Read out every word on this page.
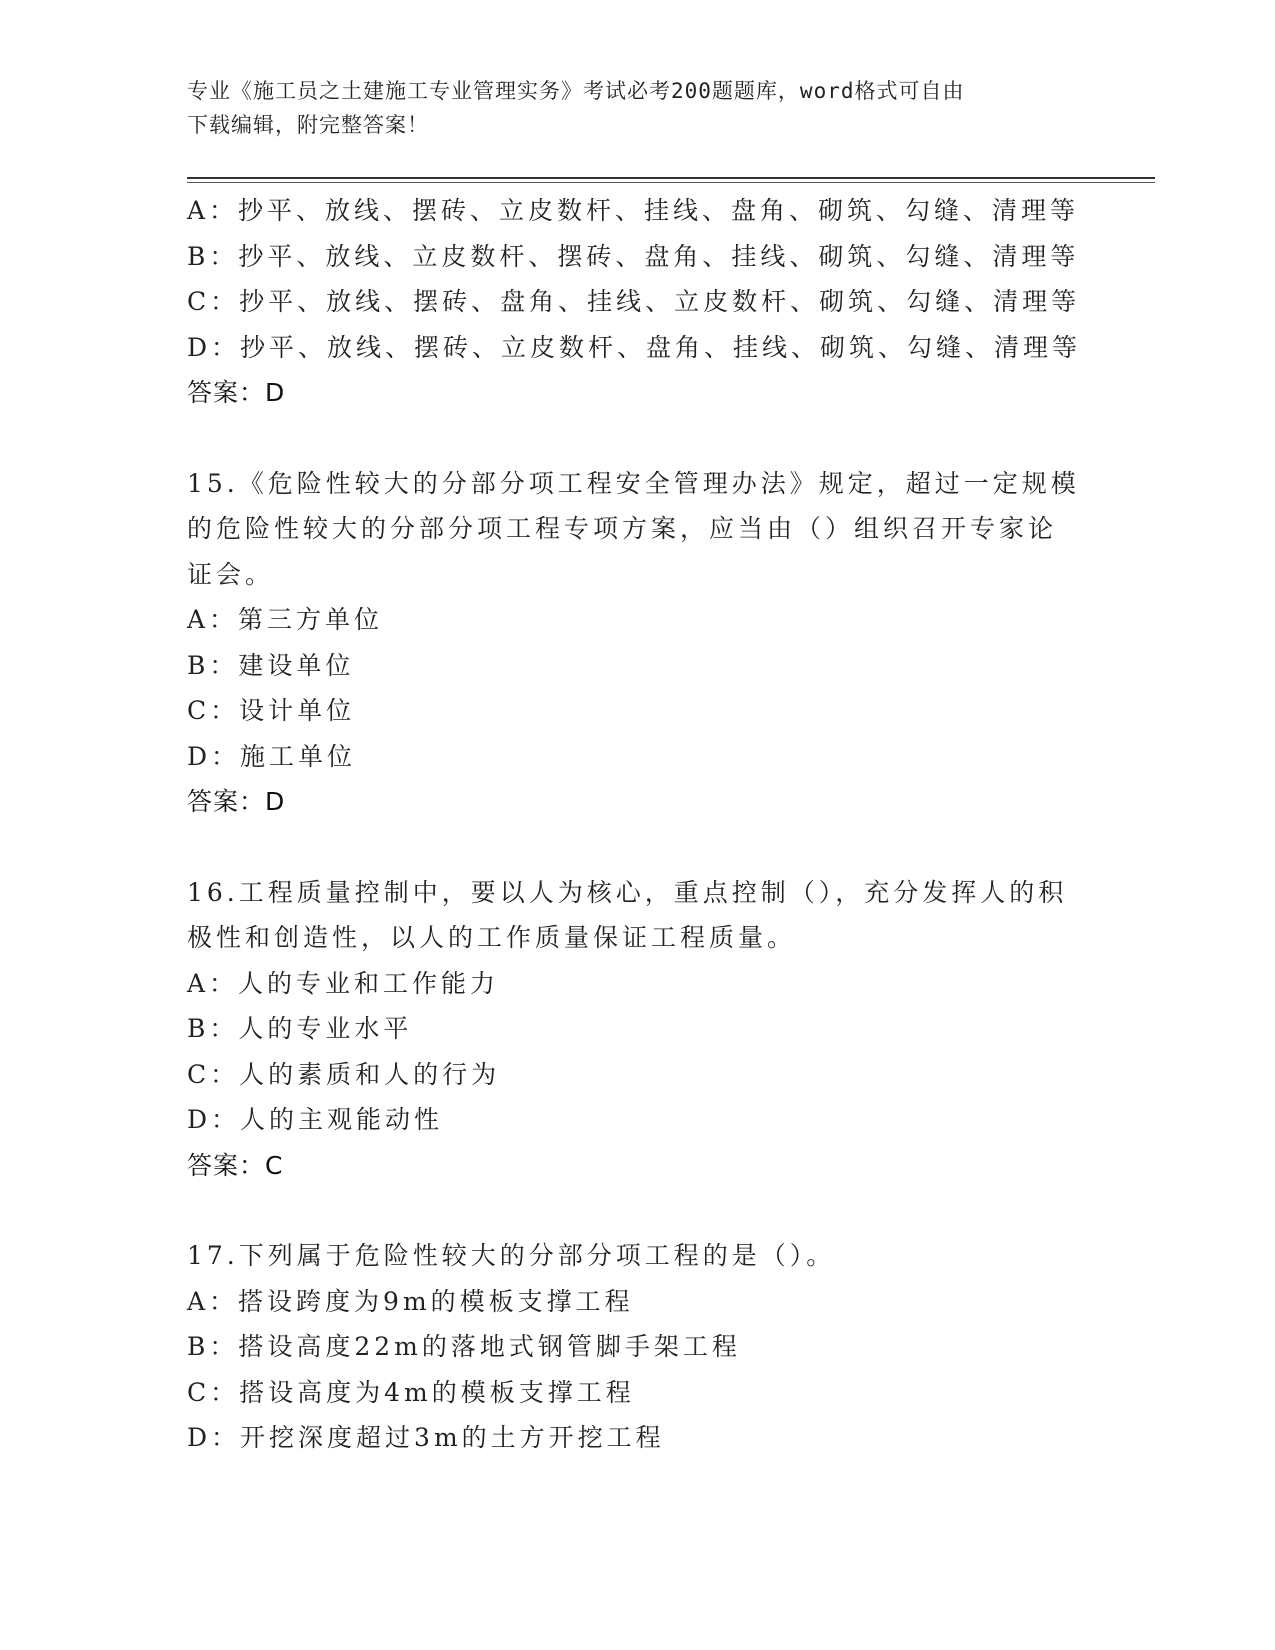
专业《施工员之土建施工专业管理实务》考试必考200题题库，word格式可自由
下载编辑，附完整答案！
A：抄平、放线、摆砖、立皮数杆、挂线、盘角、砌筑、勾缝、清理等
B：抄平、放线、立皮数杆、摆砖、盘角、挂线、砌筑、勾缝、清理等
C：抄平、放线、摆砖、盘角、挂线、立皮数杆、砌筑、勾缝、清理等
D：抄平、放线、摆砖、立皮数杆、盘角、挂线、砌筑、勾缝、清理等
答案：D
15.《危险性较大的分部分项工程安全管理办法》规定，超过一定规模
的危险性较大的分部分项工程专项方案，应当由（）组织召开专家论
证会。
A：第三方单位
B：建设单位
C：设计单位
D：施工单位
答案：D
16.工程质量控制中，要以人为核心，重点控制（），充分发挥人的积
极性和创造性，以人的工作质量保证工程质量。
A：人的专业和工作能力
B：人的专业水平
C：人的素质和人的行为
D：人的主观能动性
答案：C
17.下列属于危险性较大的分部分项工程的是（）。
A：搭设跨度为9m的模板支撑工程
B：搭设高度22m的落地式钢管脚手架工程
C：搭设高度为4m的模板支撑工程
D：开挖深度超过3m的土方开挖工程
